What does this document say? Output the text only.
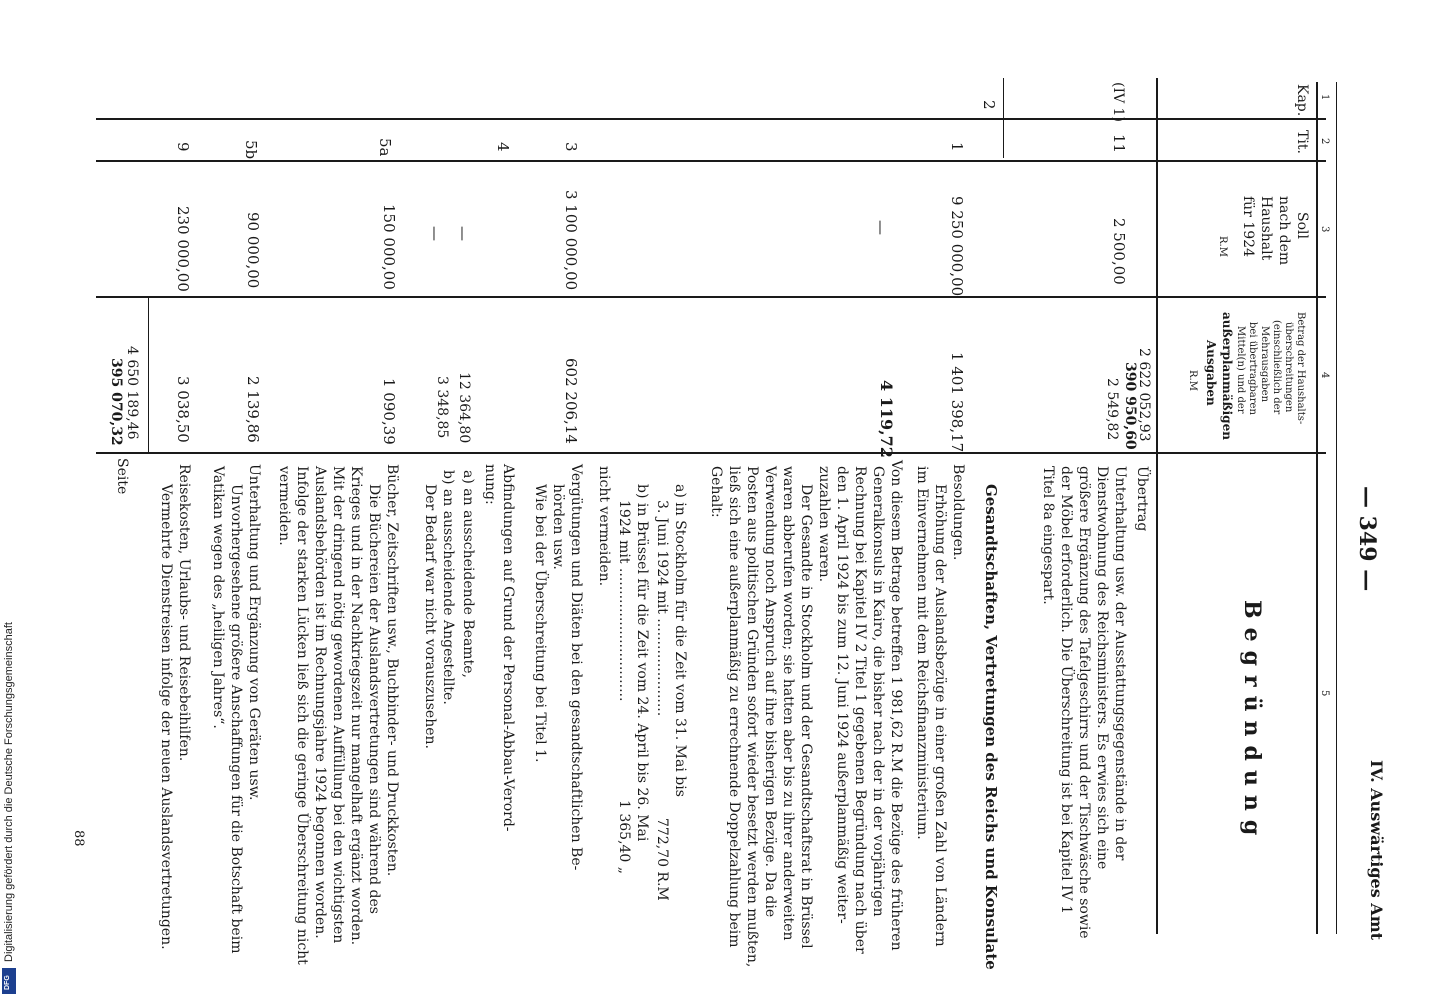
— 349 —
IV. Auswärtiges Amt
Begründung
1
2
3
4
5
Kap.
Tit.
Soll
nach dem
Haushalt
für 1924
R.M
Betrag der Haushalts-
überschreitungen
(einschließlich der
Mehrausgaben
bei übertragbaren
Mittel(n) und der
außerplanmäßigen
Ausgaben
R.M
(IV 1)
11
2 500,00
2 622 052,93
390 950,60
2 549,82
Übertrag
Unterhaltung usw. der Ausstattungsgegenstände in der
Dienstwohnung des Reichsministers. Es erwies sich eine
größere Ergänzung des Tafelgeschirrs und der Tischwäsche sowie
der Möbel erforderlich. Die Überschreitung ist bei Kapitel IV 1
Titel 8a eingespart.
2
Gesandtschaften, Vertretungen des Reichs und Konsulate
1
9 250 000,00
1 401 398,17
Besoldungen.
Erhöhung der Auslandsbezüge in einer großen Zahl von Ländern
im Einvernehmen mit dem Reichsfinanzministerium.
—
4 119,72
Von diesem Betrage betreffen 1 981,62 R.M die Bezüge des früheren
Generalkonsuls in Kairo, die bisher nach der in der vorjährigen
Rechnung bei Kapitel IV 2 Titel 1 gegebenen Begründung nach über
den 1. April 1924 bis zum 12. Juni 1924 außerplanmäßig weiter-
zuzahlen waren.
Der Gesandte in Stockholm und der Gesandtschaftsrat in Brüssel
waren abberufen worden; sie hatten aber bis zu ihrer anderweiten
Verwendung noch Anspruch auf ihre bisherigen Bezüge. Da die
Posten aus politischen Gründen sofort wieder besetzt werden mußten,
ließ sich eine außerplanmäßig zu errechnende Doppelzahlung beim
Gehalt:
a) in Stockholm für die Zeit vom 31. Mai bis
3. Juni 1924 mit ......................
772,70 R.M
b) in Brüssel für die Zeit vom 24. April bis 26. Mai
1924 mit ..............................
1 365,40 „
nicht vermeiden.
3
3 100 000,00
602 206,14
Vergütungen und Diäten bei den gesandtschaftlichen Be-
hörden usw.
Wie bei der Überschreitung bei Titel 1.
4
Abfindungen auf Grund der Personal-Abbau-Verord-
nung:
—
12 364,80
a) an ausscheidende Beamte,
—
3 348,85
b) an ausscheidende Angestellte.
Der Bedarf war nicht vorauszusehen.
5a
150 000,00
1 090,39
Bücher, Zeitschriften usw., Buchbinder- und Druckkosten.
Die Büchereien der Auslandsvertretungen sind während des
Krieges und in der Nachkriegszeit nur mangelhaft ergänzt worden.
Mit der dringend nötig gewordenen Auffüllung bei den wichtigsten
Auslandsbehörden ist im Rechnungsjahre 1924 begonnen worden.
Infolge der starken Lücken ließ sich die geringe Überschreitung nicht
vermeiden.
5b
90 000,00
2 139,86
Unterhaltung und Ergänzung von Geräten usw.
Unvorhergesehene größere Anschaffungen für die Botschaft beim
Vatikan wegen des „heiligen Jahres“.
9
230 000,00
3 038,50
Reisekosten, Urlaubs- und Reisebeihilfen.
Vermehrte Dienstreisen infolge der neuen Auslandsvertretungen.
4 650 189,46
395 070,32
Seite
88
Digitalisierung gefördert durch die Deutsche Forschungsgemeinschaft
DFG
